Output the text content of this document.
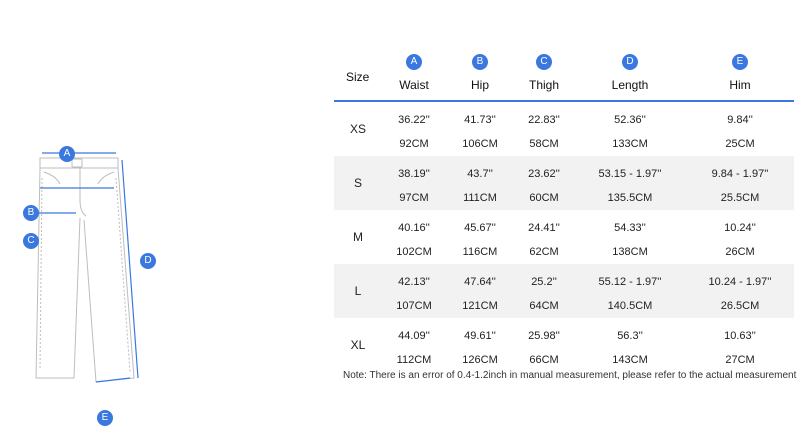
A
B
C
D
E
Size
A
Waist
B
Hip
C
Thigh
D
Length
E
Him
XS
36.22''
92CM
41.73''
106CM
22.83''
58CM
52.36''
133CM
9.84''
25CM
S
38.19''
97CM
43.7''
111CM
23.62''
60CM
53.15 - 1.97''
135.5CM
9.84 - 1.97''
25.5CM
M
40.16''
102CM
45.67''
116CM
24.41''
62CM
54.33''
138CM
10.24''
26CM
L
42.13''
107CM
47.64''
121CM
25.2''
64CM
55.12 - 1.97''
140.5CM
10.24 - 1.97''
26.5CM
XL
44.09''
112CM
49.61''
126CM
25.98''
66CM
56.3''
143CM
10.63''
27CM
Note: There is an error of 0.4-1.2inch in manual measurement, please refer to the actual measurement
